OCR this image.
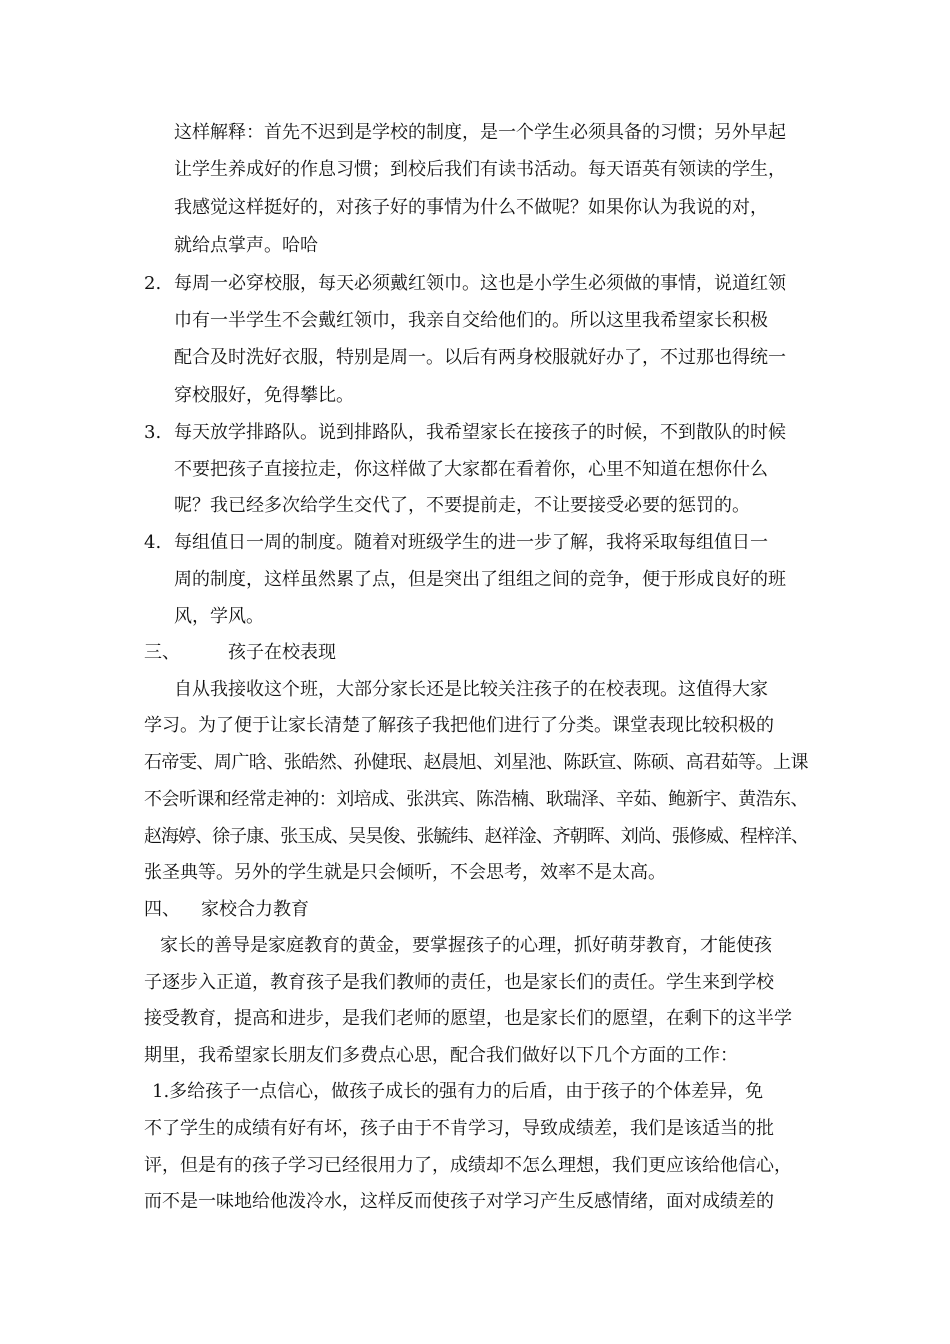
这样解释：首先不迟到是学校的制度，是一个学生必须具备的习惯；另外早起
让学生养成好的作息习惯；到校后我们有读书活动。每天语英有领读的学生，
我感觉这样挺好的，对孩子好的事情为什么不做呢？如果你认为我说的对，
就给点掌声。哈哈
2. 每周一必穿校服，每天必须戴红领巾。这也是小学生必须做的事情，说道红领
巾有一半学生不会戴红领巾，我亲自交给他们的。所以这里我希望家长积极
配合及时洗好衣服，特别是周一。以后有两身校服就好办了，不过那也得统一
穿校服好，免得攀比。
3. 每天放学排路队。说到排路队，我希望家长在接孩子的时候，不到散队的时候
不要把孩子直接拉走，你这样做了大家都在看着你，心里不知道在想你什么
呢？我已经多次给学生交代了，不要提前走，不让要接受必要的惩罚的。
4. 每组值日一周的制度。随着对班级学生的进一步了解，我将采取每组值日一
周的制度，这样虽然累了点，但是突出了组组之间的竞争，便于形成良好的班
风，学风。
三、	孩子在校表现
自从我接收这个班，大部分家长还是比较关注孩子的在校表现。这值得大家
学习。为了便于让家长清楚了解孩子我把他们进行了分类。课堂表现比较积极的
石帝雯、周广晗、张皓然、孙健珉、赵晨旭、刘星池、陈跃宣、陈硕、高君茹等。上课
不会听课和经常走神的：刘培成、张洪宾、陈浩楠、耿瑞泽、辛茹、鲍新宇、黄浩东、
赵海婷、徐子康、张玉成、吴昊俊、张毓纬、赵祥淦、齐朝晖、刘尚、張修威、程梓洋、
张圣典等。另外的学生就是只会倾听，不会思考，效率不是太高。
四、 家校合力教育
家长的善导是家庭教育的黄金，要掌握孩子的心理，抓好萌芽教育，才能使孩
子逐步入正道，教育孩子是我们教师的责任，也是家长们的责任。学生来到学校
接受教育，提高和进步，是我们老师的愿望，也是家长们的愿望，在剩下的这半学
期里，我希望家长朋友们多费点心思，配合我们做好以下几个方面的工作：
1.多给孩子一点信心，做孩子成长的强有力的后盾，由于孩子的个体差异，免
不了学生的成绩有好有坏，孩子由于不肯学习，导致成绩差，我们是该适当的批
评，但是有的孩子学习已经很用力了，成绩却不怎么理想，我们更应该给他信心，
而不是一味地给他泼冷水，这样反而使孩子对学习产生反感情绪，面对成绩差的
